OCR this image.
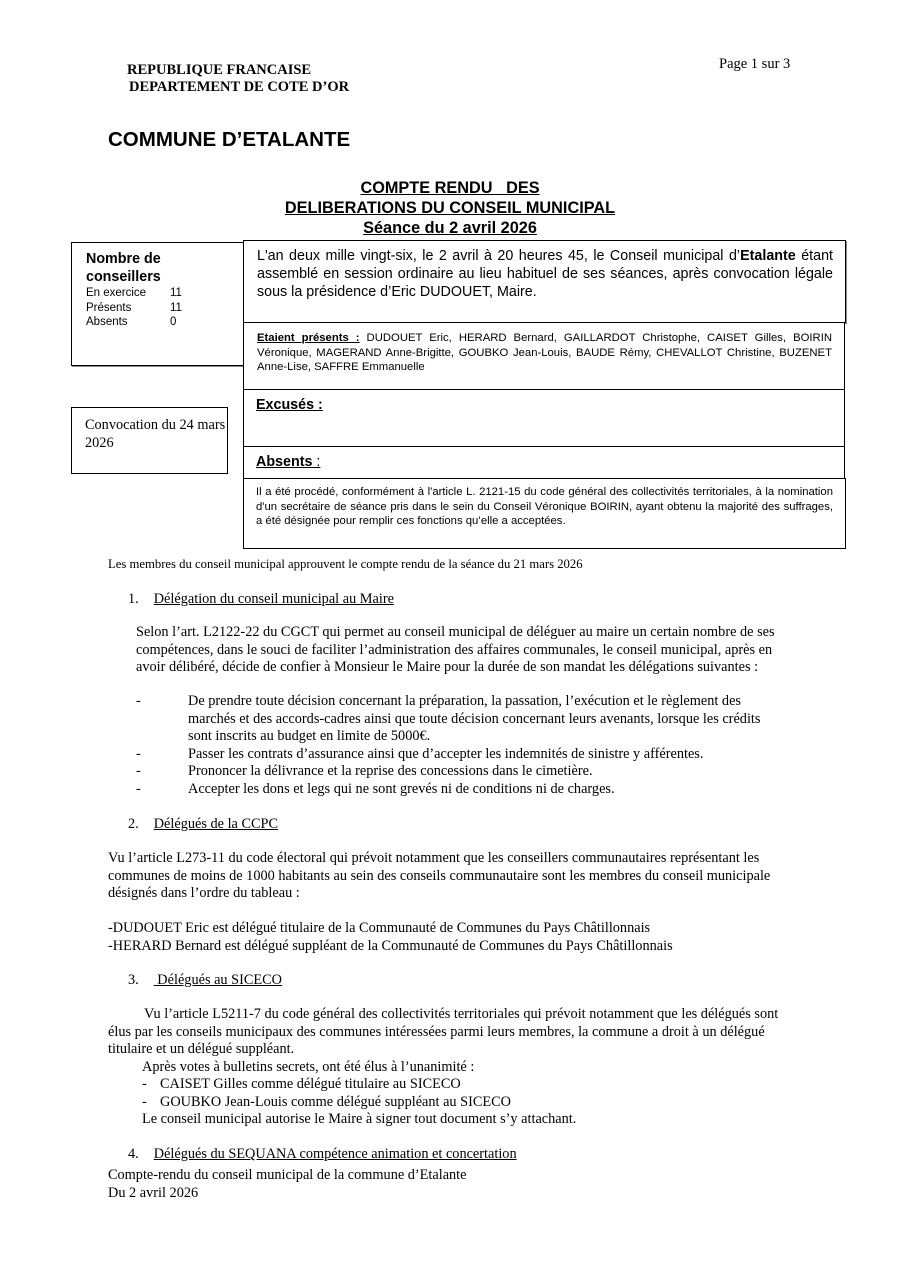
REPUBLIQUE FRANCAISE
DEPARTEMENT DE COTE D’OR
Page 1 sur 3
COMMUNE D’ETALANTE
COMPTE RENDU   DES
DELIBERATIONS DU CONSEIL MUNICIPAL
Séance du 2 avril 2026
Nombre de
conseillers
En exercice 11
Présents	11
Absents	0
Convocation du 24 mars 2026
L'an deux mille vingt-six, le 2 avril à 20 heures 45, le Conseil municipal d’Etalante étant assemblé en session ordinaire au lieu habituel de ses séances, après convocation légale sous la présidence d’Eric DUDOUET, Maire.
Etaient présents : DUDOUET Eric, HERARD Bernard, GAILLARDOT Christophe, CAISET Gilles, BOIRIN Véronique, MAGERAND Anne-Brigitte, GOUBKO Jean-Louis, BAUDE Rémy, CHEVALLOT Christine, BUZENET Anne-Lise, SAFFRE Emmanuelle
Excusés :
Absents :
Il a été procédé, conformément à l'article L. 2121-15 du code général des collectivités territoriales, à la nomination d'un secrétaire de séance pris dans le sein du Conseil Véronique BOIRIN, ayant obtenu la majorité des suffrages, a été désignée pour remplir ces fonctions qu’elle a acceptées.
Les membres du conseil municipal approuvent le compte rendu de la séance du 21 mars 2026
1. Délégation du conseil municipal au Maire

Selon l’art. L2122-22 du CGCT qui permet au conseil municipal de déléguer au maire un certain nombre de ses compétences, dans le souci de faciliter l’administration des affaires communales, le conseil municipal, après en avoir délibéré, décide de confier à Monsieur le Maire pour la durée de son mandat les délégations suivantes :

- De prendre toute décision concernant la préparation, la passation, l’exécution et le règlement des marchés et des accords-cadres ainsi que toute décision concernant leurs avenants, lorsque les crédits sont inscrits au budget en limite de 5000€.
- Passer les contrats d’assurance ainsi que d’accepter les indemnités de sinistre y afférentes.
- Prononcer la délivrance et la reprise des concessions dans le cimetière.
- Accepter les dons et legs qui ne sont grevés ni de conditions ni de charges.
2. Délégués de la CCPC

Vu l’article L273-11 du code électoral qui prévoit notamment que les conseillers communautaires représentant les communes de moins de 1000 habitants au sein des conseils communautaire sont les membres du conseil municipale désignés dans l’ordre du tableau :

-DUDOUET Eric est délégué titulaire de la Communauté de Communes du Pays Châtillonnais
-HERARD Bernard est délégué suppléant de la Communauté de Communes du Pays Châtillonnais
3. Délégués au SICECO

Vu l’article L5211-7 du code général des collectivités territoriales qui prévoit notamment que les délégués sont élus par les conseils municipaux des communes intéressées parmi leurs membres, la commune a droit à un délégué titulaire et un délégué suppléant.

Après votes à bulletins secrets, ont été élus à l’unanimité :
- CAISET Gilles comme délégué titulaire au SICECO
- GOUBKO Jean-Louis comme délégué suppléant au SICECO
Le conseil municipal autorise le Maire à signer tout document s’y attachant.
4. Délégués du SEQUANA compétence animation et concertation
Compte-rendu du conseil municipal de la commune d’Etalante
Du 2 avril 2026
